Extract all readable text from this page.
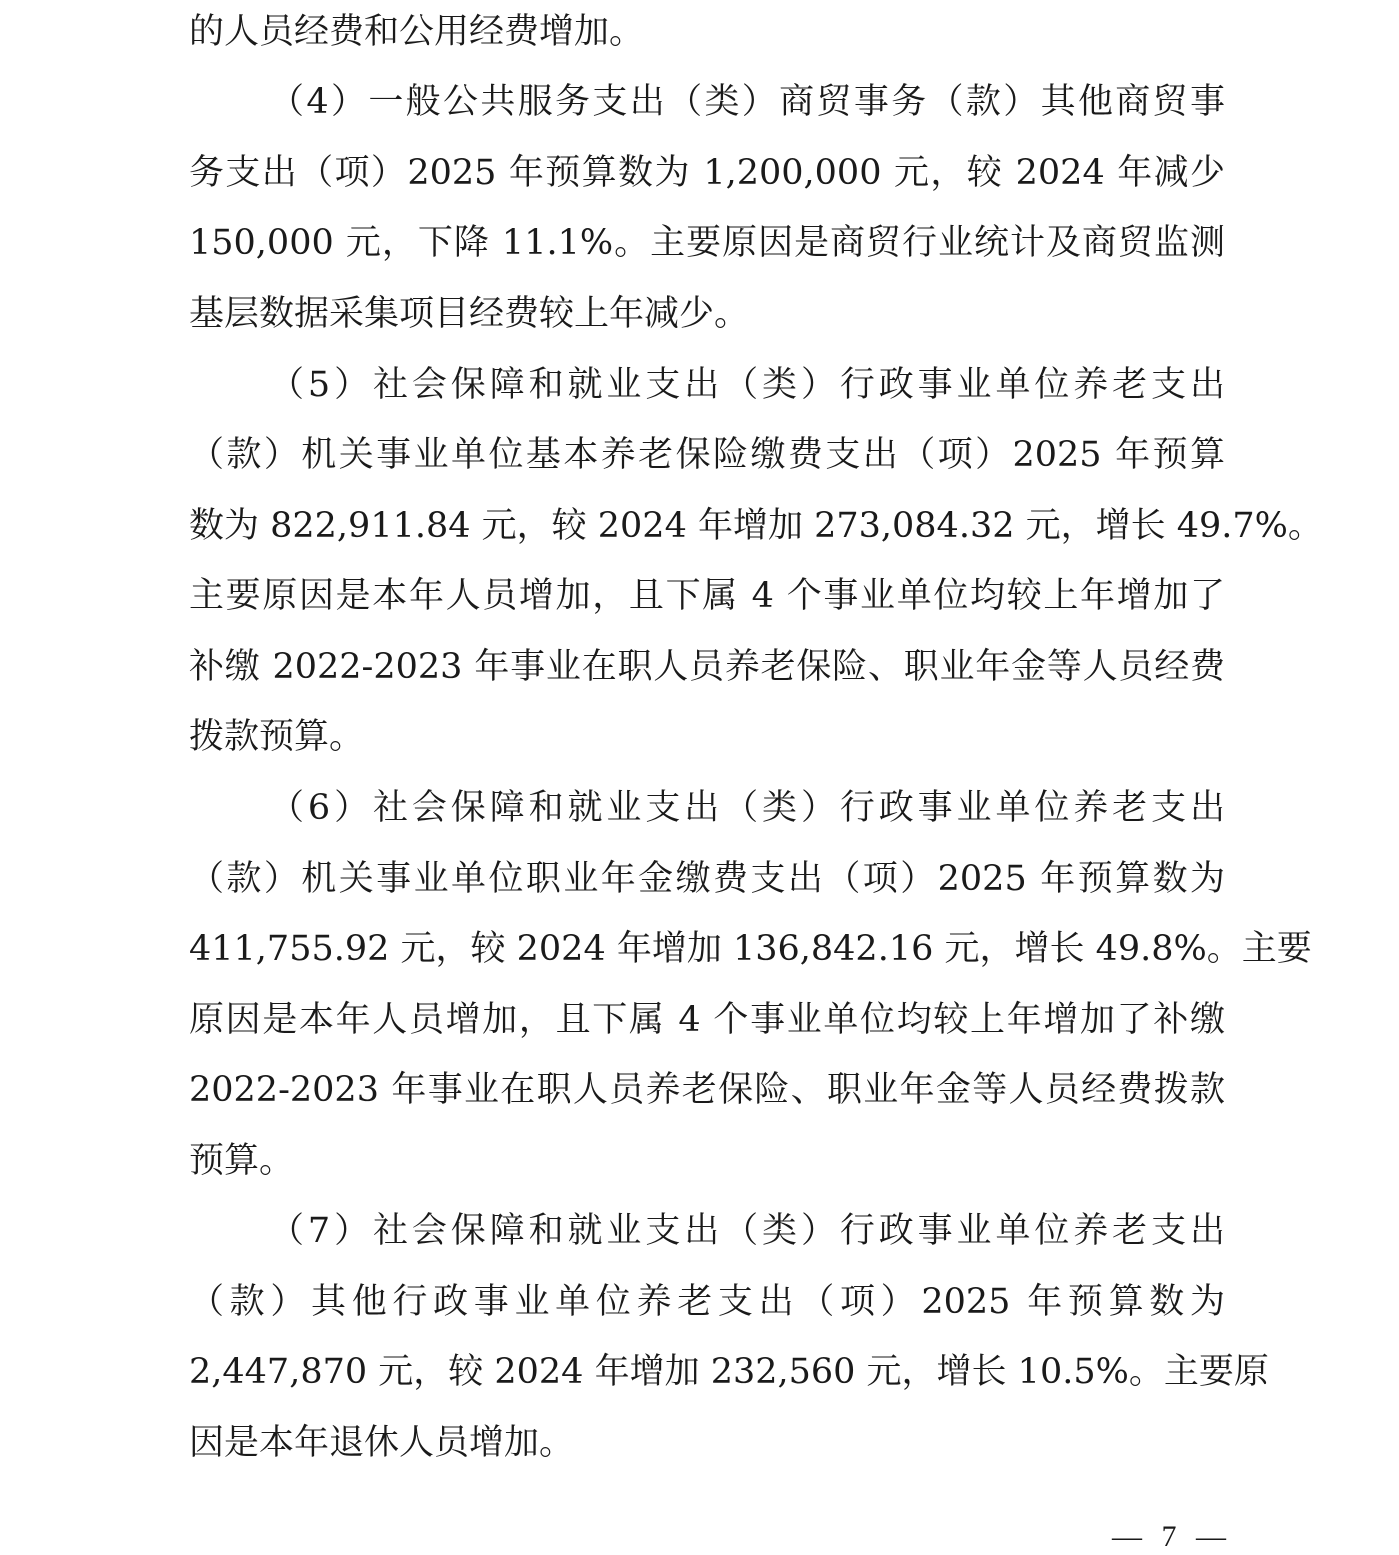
的人员经费和公用经费增加。
（4）一般公共服务支出（类）商贸事务（款）其他商贸事
务支出（项）2025 年预算数为 1,200,000 元，较 2024 年减少
150,000 元，下降 11.1%。主要原因是商贸行业统计及商贸监测
基层数据采集项目经费较上年减少。
（5）社会保障和就业支出（类）行政事业单位养老支出
（款）机关事业单位基本养老保险缴费支出（项）2025 年预算
数为 822,911.84 元，较 2024 年增加 273,084.32 元，增长 49.7%。
主要原因是本年人员增加，且下属 4 个事业单位均较上年增加了
补缴 2022-2023 年事业在职人员养老保险、职业年金等人员经费
拨款预算。
（6）社会保障和就业支出（类）行政事业单位养老支出
（款）机关事业单位职业年金缴费支出（项）2025 年预算数为
411,755.92 元，较 2024 年增加 136,842.16 元，增长 49.8%。主要
原因是本年人员增加，且下属 4 个事业单位均较上年增加了补缴
2022-2023 年事业在职人员养老保险、职业年金等人员经费拨款
预算。
（7）社会保障和就业支出（类）行政事业单位养老支出
（款）其他行政事业单位养老支出（项）2025 年预算数为
2,447,870 元，较 2024 年增加 232,560 元，增长 10.5%。主要原
因是本年退休人员增加。
— 7 —
